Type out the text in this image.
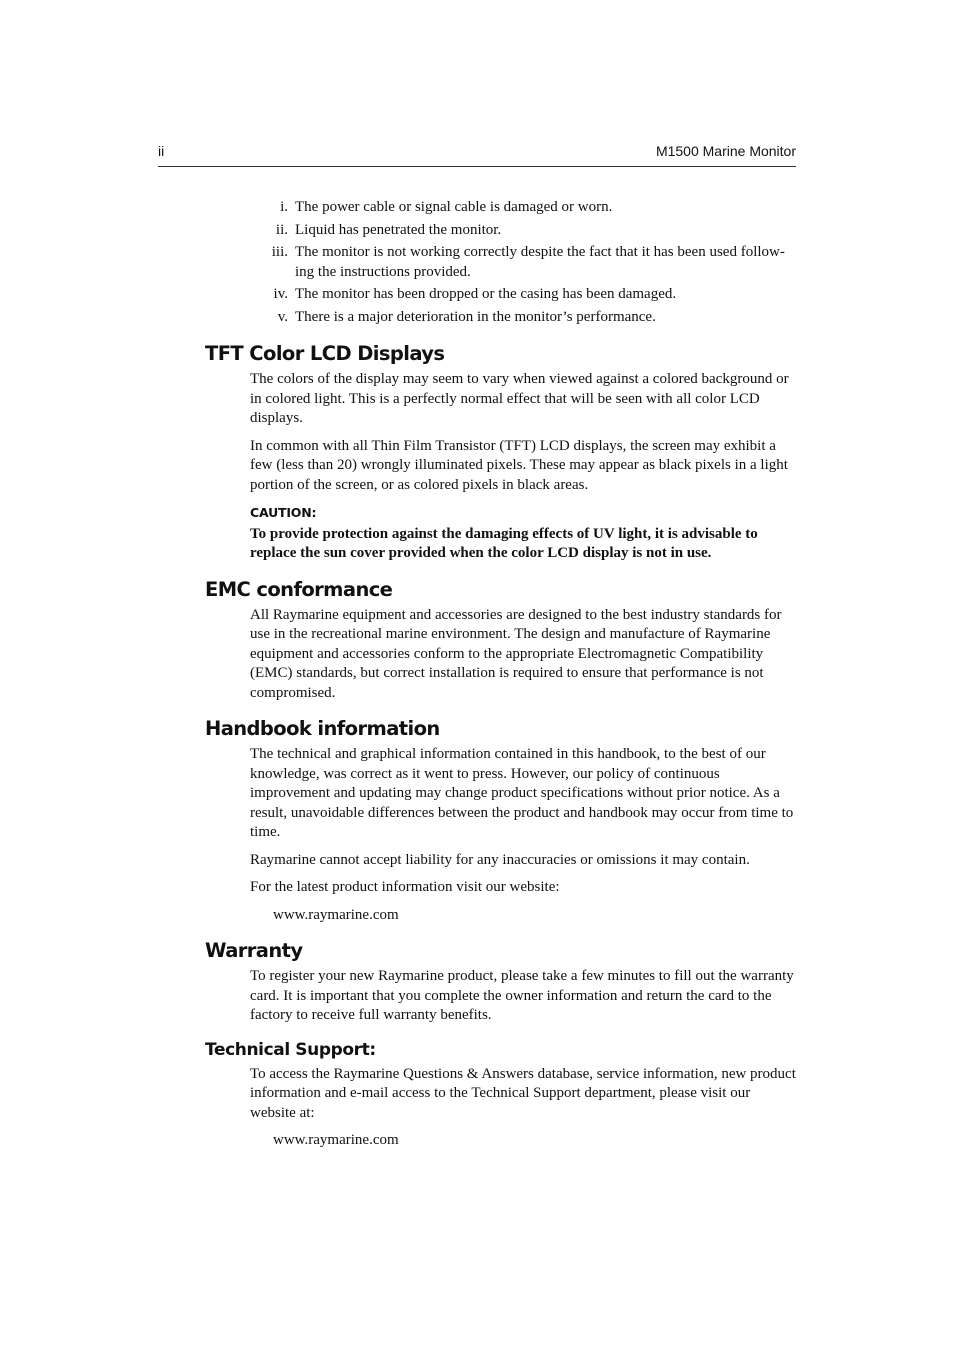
ii	M1500 Marine Monitor
i. The power cable or signal cable is damaged or worn.
ii. Liquid has penetrated the monitor.
iii. The monitor is not working correctly despite the fact that it has been used follow-ing the instructions provided.
iv. The monitor has been dropped or the casing has been damaged.
v. There is a major deterioration in the monitor’s performance.
TFT Color LCD Displays

The colors of the display may seem to vary when viewed against a colored background or in colored light. This is a perfectly normal effect that will be seen with all color LCD displays.

In common with all Thin Film Transistor (TFT) LCD displays, the screen may exhibit a few (less than 20) wrongly illuminated pixels. These may appear as black pixels in a light portion of the screen, or as colored pixels in black areas.

CAUTION:

To provide protection against the damaging effects of UV light, it is advisable to replace the sun cover provided when the color LCD display is not in use.

EMC conformance

All Raymarine equipment and accessories are designed to the best industry standards for use in the recreational marine environment. The design and manufacture of Raymarine equipment and accessories conform to the appropriate Electromagnetic Compatibility (EMC) standards, but correct installation is required to ensure that performance is not compromised.

Handbook information

The technical and graphical information contained in this handbook, to the best of our knowledge, was correct as it went to press. However, our policy of continuous improvement and updating may change product specifications without prior notice. As a result, unavoidable differences between the product and handbook may occur from time to time.

Raymarine cannot accept liability for any inaccuracies or omissions it may contain.

For the latest product information visit our website:

www.raymarine.com

Warranty

To register your new Raymarine product, please take a few minutes to fill out the warranty card. It is important that you complete the owner information and return the card to the factory to receive full warranty benefits.

Technical Support:

To access the Raymarine Questions & Answers database, service information, new product information and e-mail access to the Technical Support department, please visit our website at:

www.raymarine.com
